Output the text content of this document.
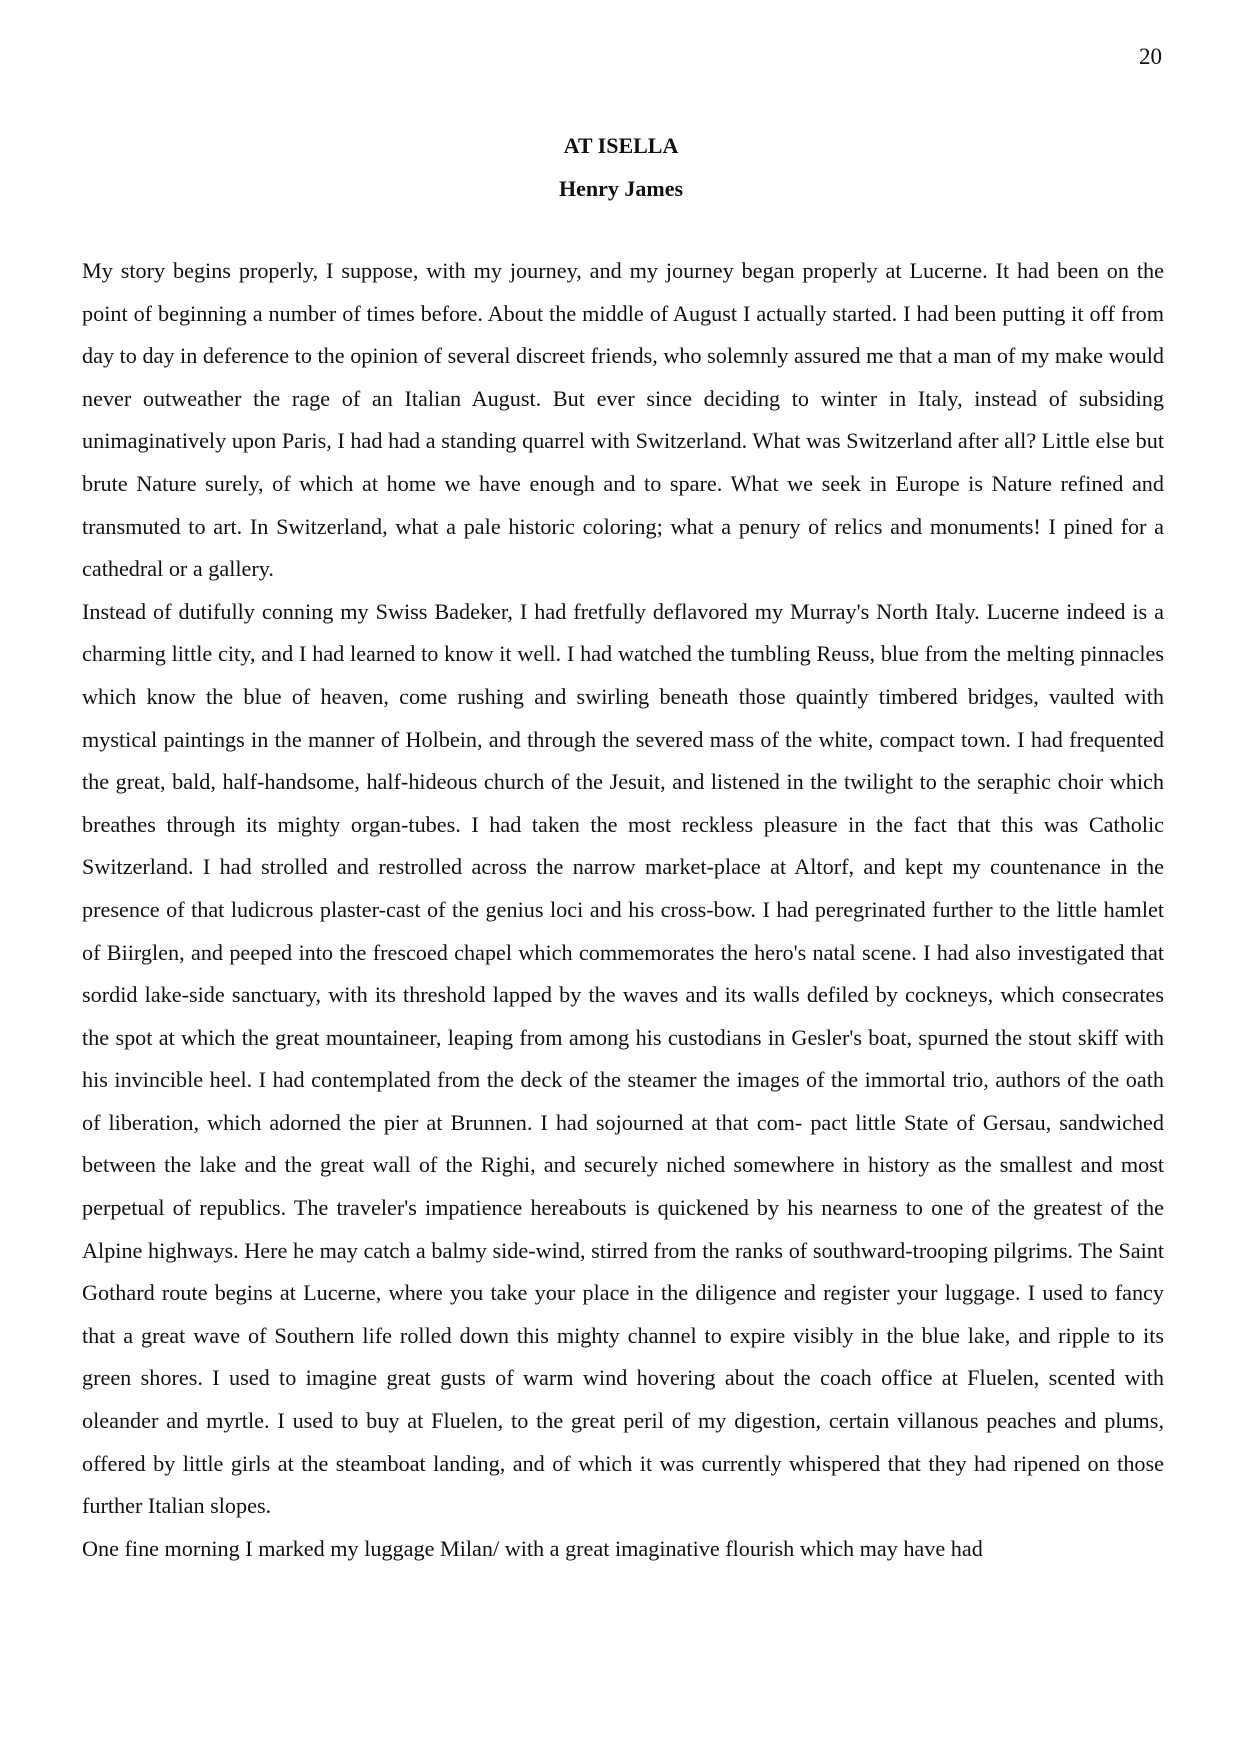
20
AT ISELLA
Henry James

My story begins properly, I suppose, with my journey, and my journey began properly at Lucerne. It had been on the point of beginning a number of times before. About the middle of August I actually started. I had been putting it off from day to day in deference to the opinion of several discreet friends, who solemnly assured me that a man of my make would never outweather the rage of an Italian August. But ever since deciding to winter in Italy, instead of subsiding unimaginatively upon Paris, I had had a standing quarrel with Switzerland. What was Switzerland after all? Little else but brute Nature surely, of which at home we have enough and to spare. What we seek in Europe is Nature refined and transmuted to art. In Switzerland, what a pale historic coloring; what a penury of relics and monuments! I pined for a cathedral or a gallery.

Instead of dutifully conning my Swiss Badeker, I had fretfully deflavored my Murray's North Italy. Lucerne indeed is a charming little city, and I had learned to know it well. I had watched the tumbling Reuss, blue from the melting pinnacles which know the blue of heaven, come rushing and swirling beneath those quaintly timbered bridges, vaulted with mystical paintings in the manner of Holbein, and through the severed mass of the white, compact town. I had frequented the great, bald, half-handsome, half-hideous church of the Jesuit, and listened in the twilight to the seraphic choir which breathes through its mighty organ-tubes. I had taken the most reckless pleasure in the fact that this was Catholic Switzerland. I had strolled and restrolled across the narrow market-place at Altorf, and kept my countenance in the presence of that ludicrous plaster-cast of the genius loci and his cross-bow. I had peregrinated further to the little hamlet of Biirglen, and peeped into the frescoed chapel which commemorates the hero's natal scene. I had also investigated that sordid lake-side sanctuary, with its threshold lapped by the waves and its walls defiled by cockneys, which consecrates the spot at which the great mountaineer, leaping from among his custodians in Gesler's boat, spurned the stout skiff with his invincible heel. I had contemplated from the deck of the steamer the images of the immortal trio, authors of the oath of liberation, which adorned the pier at Brunnen. I had sojourned at that com- pact little State of Gersau, sandwiched between the lake and the great wall of the Righi, and securely niched somewhere in history as the smallest and most perpetual of republics. The traveler's impatience hereabouts is quickened by his nearness to one of the greatest of the Alpine highways. Here he may catch a balmy side-wind, stirred from the ranks of southward-trooping pilgrims. The Saint Gothard route begins at Lucerne, where you take your place in the diligence and register your luggage. I used to fancy that a great wave of Southern life rolled down this mighty channel to expire visibly in the blue lake, and ripple to its green shores. I used to imagine great gusts of warm wind hovering about the coach office at Fluelen, scented with oleander and myrtle. I used to buy at Fluelen, to the great peril of my digestion, certain villanous peaches and plums, offered by little girls at the steamboat landing, and of which it was currently whispered that they had ripened on those further Italian slopes.

One fine morning I marked my luggage Milan/ with a great imaginative flourish which may have had
